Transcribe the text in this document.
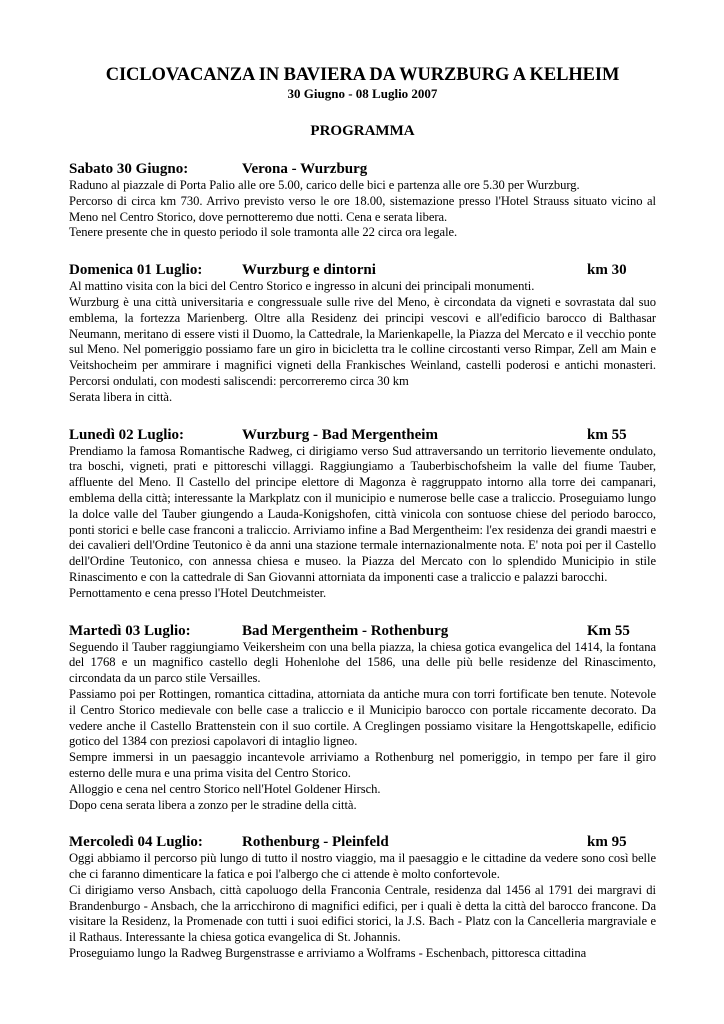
CICLOVACANZA IN BAVIERA DA WURZBURG A KELHEIM
30 Giugno - 08 Luglio 2007
PROGRAMMA
Sabato 30 Giugno:	Verona - Wurzburg

Raduno al piazzale di Porta Palio alle ore 5.00, carico delle bici e partenza alle ore 5.30 per Wurzburg.

Percorso di circa km 730. Arrivo previsto verso le ore 18.00, sistemazione presso l'Hotel Strauss situato vicino al Meno nel Centro Storico, dove pernotteremo due notti. Cena e serata libera.

Tenere presente che in questo periodo il sole tramonta alle 22 circa ora legale.

Domenica 01 Luglio:	Wurzburg e dintorni	km 30

Al mattino visita con la bici del Centro Storico e ingresso in alcuni dei principali monumenti.

Wurzburg è una città universitaria e congressuale sulle rive del Meno, è circondata da vigneti e sovrastata dal suo emblema, la fortezza Marienberg. Oltre alla Residenz dei principi vescovi e all'edificio barocco di Balthasar Neumann, meritano di essere visti il Duomo, la Cattedrale, la Marienkapelle, la Piazza del Mercato e il vecchio ponte sul Meno. Nel pomeriggio possiamo fare un giro in bicicletta tra le colline circostanti verso Rimpar, Zell am Main e Veitshocheim per ammirare i magnifici vigneti della Frankisches Weinland, castelli poderosi e antichi monasteri. Percorsi ondulati, con modesti saliscendi: percorreremo circa 30 km

Serata libera in città.

Lunedì 02 Luglio:	Wurzburg - Bad Mergentheim	km 55

Prendiamo la famosa Romantische Radweg, ci dirigiamo verso Sud attraversando un territorio lievemente ondulato, tra boschi, vigneti, prati e pittoreschi villaggi. Raggiungiamo a Tauberbischofsheim la valle del fiume Tauber, affluente del Meno. Il Castello del principe elettore di Magonza è raggruppato intorno alla torre dei campanari, emblema della città; interessante la Markplatz con il municipio e numerose belle case a traliccio. Proseguiamo lungo la dolce valle del Tauber giungendo a Lauda-Konigshofen, città vinicola con sontuose chiese del periodo barocco, ponti storici e belle case franconi a traliccio. Arriviamo infine a Bad Mergentheim: l'ex residenza dei grandi maestri e dei cavalieri dell'Ordine Teutonico è da anni una stazione termale internazionalmente nota. E' nota poi per il Castello dell'Ordine Teutonico, con annessa chiesa e museo. la Piazza del Mercato con lo splendido Municipio in stile Rinascimento e con la cattedrale di San Giovanni attorniata da imponenti case a traliccio e palazzi barocchi.

Pernottamento e cena presso l'Hotel Deutchmeister.

Martedì 03 Luglio:	Bad Mergentheim - Rothenburg	Km 55

Seguendo il Tauber raggiungiamo Veikersheim con una bella piazza, la chiesa gotica evangelica del 1414, la fontana del 1768 e un magnifico castello degli Hohenlohe del 1586, una delle più belle residenze del Rinascimento, circondata da un parco stile Versailles.

Passiamo poi per Rottingen, romantica cittadina, attorniata da antiche mura con torri fortificate ben tenute. Notevole il Centro Storico medievale con belle case a traliccio e il Municipio barocco con portale riccamente decorato. Da vedere anche il Castello Brattenstein con il suo cortile. A Creglingen possiamo visitare la Hengottskapelle, edificio gotico del 1384 con preziosi capolavori di intaglio ligneo.

Sempre immersi in un paesaggio incantevole arriviamo a Rothenburg nel pomeriggio, in tempo per fare il giro esterno delle mura e una prima visita del Centro Storico.

Alloggio e cena nel centro Storico nell'Hotel Goldener Hirsch.

Dopo cena serata libera a zonzo per le stradine della città.

Mercoledì 04 Luglio:	Rothenburg - Pleinfeld	km 95

Oggi abbiamo il percorso più lungo di tutto il nostro viaggio, ma il paesaggio e le cittadine da vedere sono così belle che ci faranno dimenticare la fatica e poi l'albergo che ci attende è molto confortevole.

Ci dirigiamo verso Ansbach, città capoluogo della Franconia Centrale, residenza dal 1456 al 1791 dei margravi di Brandenburgo - Ansbach, che la arricchirono di magnifici edifici, per i quali è detta la città del barocco francone. Da visitare la Residenz, la Promenade con tutti i suoi edifici storici, la J.S. Bach - Platz con la Cancelleria margraviale e il Rathaus. Interessante la chiesa gotica evangelica di St. Johannis.

Proseguiamo lungo la Radweg Burgenstrasse e arriviamo a Wolframs - Eschenbach, pittoresca cittadina
